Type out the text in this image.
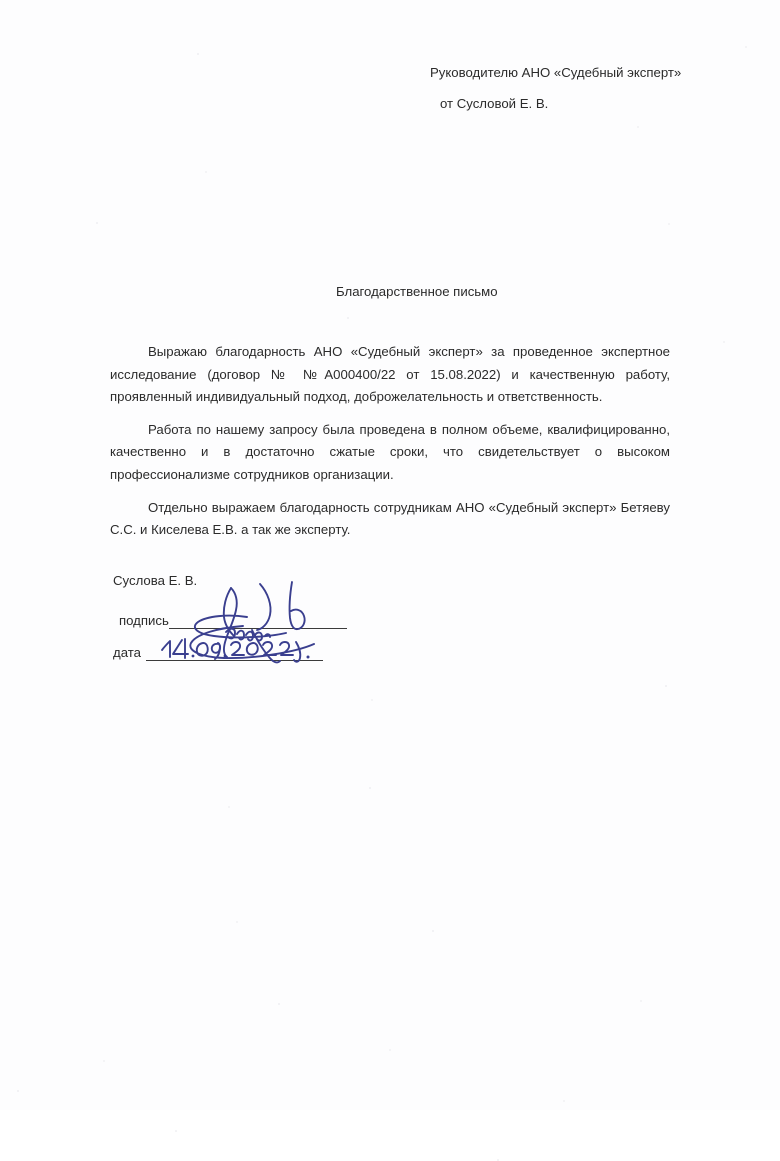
Руководителю АНО «Судебный эксперт»
от Сусловой Е. В.
Благодарственное письмо

Выражаю благодарность АНО «Судебный эксперт» за проведенное экспертное исследование (договор № №А000400/22 от 15.08.2022) и качественную работу, проявленный индивидуальный подход, доброжелательность и ответственность.

Работа по нашему запросу была проведена в полном объеме, квалифицированно, качественно и в достаточно сжатые сроки, что свидетельствует о высоком профессионализме сотрудников организации.

Отдельно выражаем благодарность сотрудникам АНО «Судебный эксперт» Бетяеву С.С. и Киселева Е.В. а так же эксперту.

Суслова Е. В.
подпись
дата
